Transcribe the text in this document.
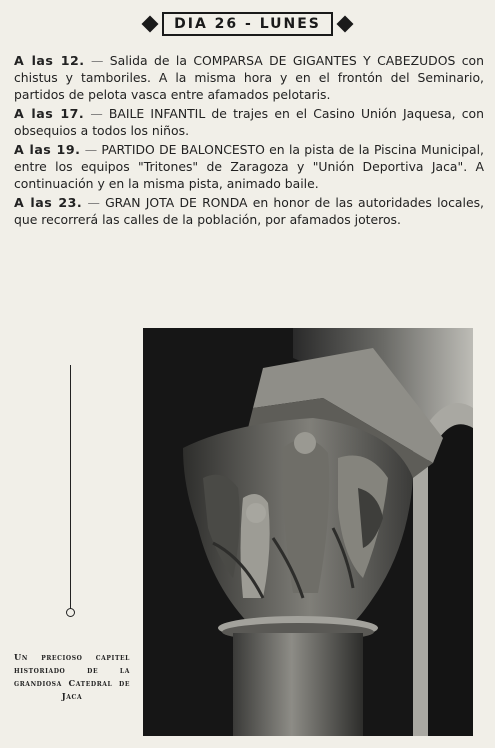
DIA 26 - LUNES
A las 12. — Salida de la COMPARSA DE GIGANTES Y CABEZUDOS con chistus y tamboriles. A la misma hora y en el frontón del Seminario, partidos de pelota vasca entre afamados pelotaris.
A las 17. — BAILE INFANTIL de trajes en el Casino Unión Jaquesa, con obsequios a todos los niños.
A las 19. — PARTIDO DE BALONCESTO en la pista de la Piscina Municipal, entre los equipos "Tritones" de Zaragoza y "Unión Deportiva Jaca". A continuación y en la misma pista, animado baile.
A las 23. — GRAN JOTA DE RONDA en honor de las autoridades locales, que recorrerá las calles de la población, por afamados joteros.
Un precioso capitel historiado de la grandiosa Catedral de Jaca
